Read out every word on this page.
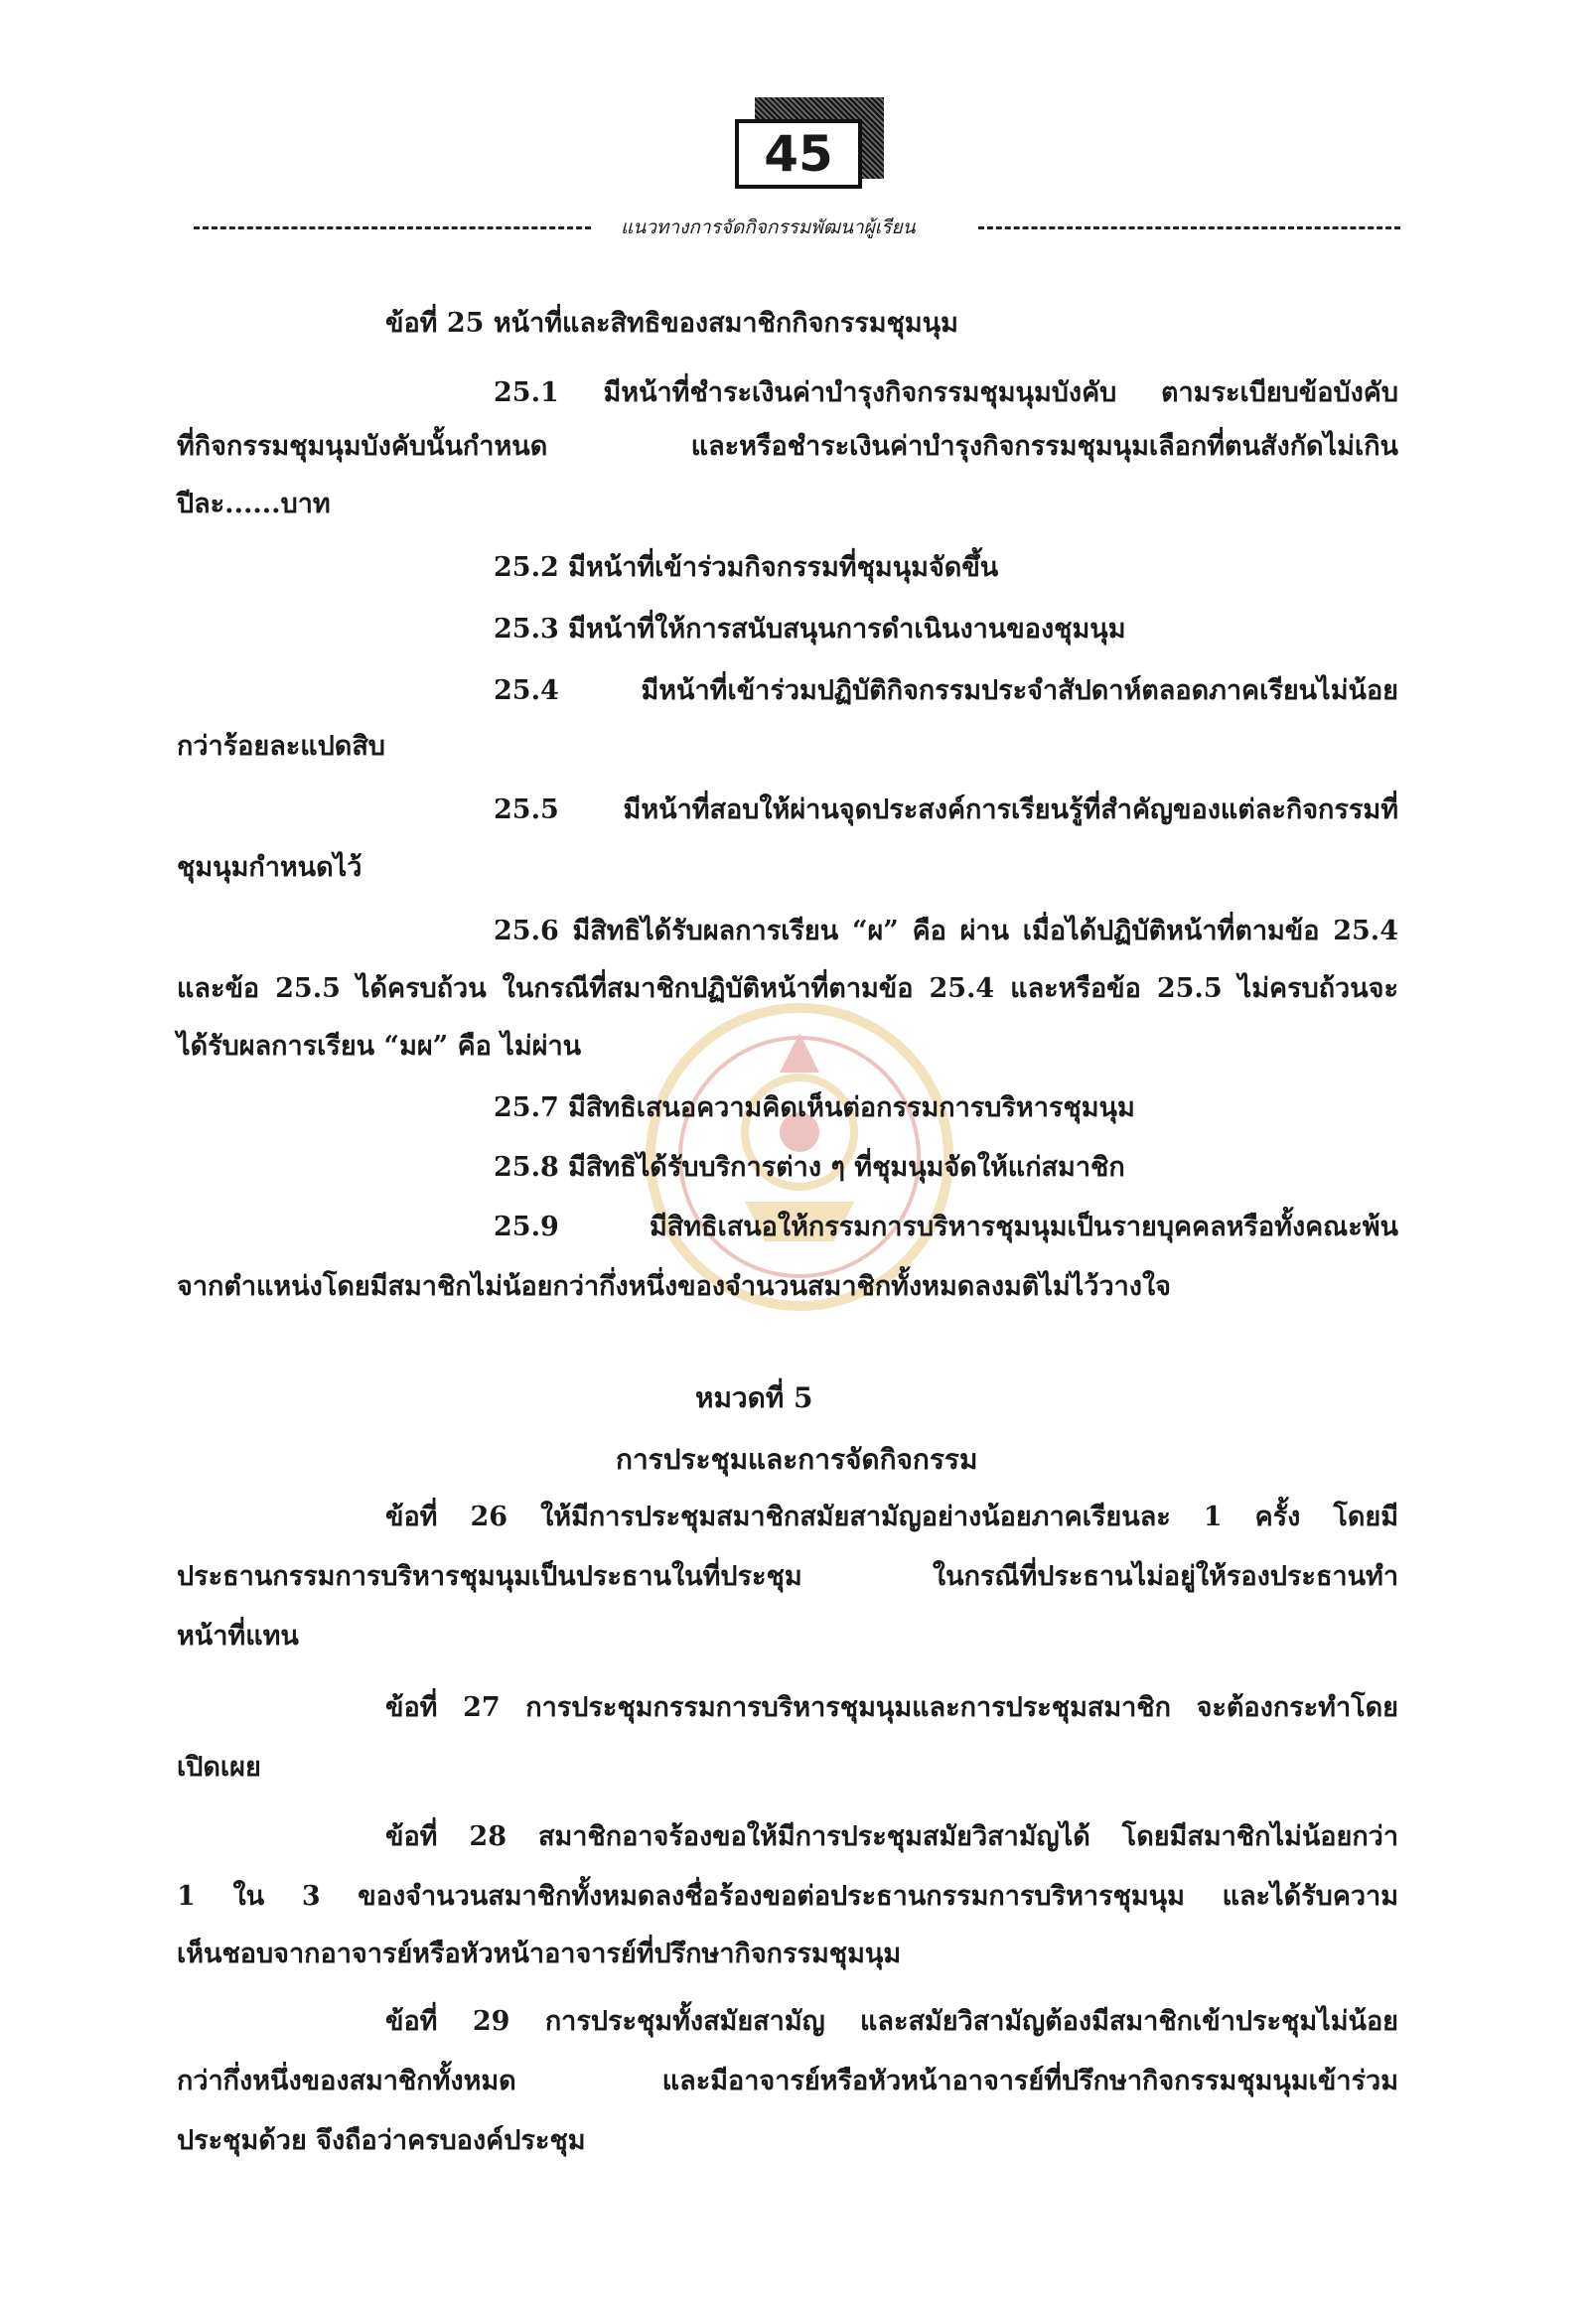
45
แนวทางการจัดกิจกรรมพัฒนาผู้เรียน
ข้อที่ 25 หน้าที่และสิทธิของสมาชิกกิจกรรมชุมนุม
25.1 มีหน้าที่ชำระเงินค่าบำรุงกิจกรรมชุมนุมบังคับ ตามระเบียบข้อบังคับ
ที่กิจกรรมชุมนุมบังคับนั้นกำหนด และหรือชำระเงินค่าบำรุงกิจกรรมชุมนุมเลือกที่ตนสังกัดไม่เกิน
ปีละ......บาท
25.2 มีหน้าที่เข้าร่วมกิจกรรมที่ชุมนุมจัดขึ้น
25.3 มีหน้าที่ให้การสนับสนุนการดำเนินงานของชุมนุม
25.4 มีหน้าที่เข้าร่วมปฏิบัติกิจกรรมประจำสัปดาห์ตลอดภาคเรียนไม่น้อย
กว่าร้อยละแปดสิบ
25.5 มีหน้าที่สอบให้ผ่านจุดประสงค์การเรียนรู้ที่สำคัญของแต่ละกิจกรรมที่
ชุมนุมกำหนดไว้
25.6 มีสิทธิได้รับผลการเรียน “ผ” คือ ผ่าน เมื่อได้ปฏิบัติหน้าที่ตามข้อ 25.4
และข้อ 25.5 ได้ครบถ้วน ในกรณีที่สมาชิกปฏิบัติหน้าที่ตามข้อ 25.4 และหรือข้อ 25.5 ไม่ครบถ้วนจะ
ได้รับผลการเรียน “มผ” คือ ไม่ผ่าน
25.7 มีสิทธิเสนอความคิดเห็นต่อกรรมการบริหารชุมนุม
25.8 มีสิทธิได้รับบริการต่าง ๆ ที่ชุมนุมจัดให้แก่สมาชิก
25.9 มีสิทธิเสนอให้กรรมการบริหารชุมนุมเป็นรายบุคคลหรือทั้งคณะพ้น
จากตำแหน่งโดยมีสมาชิกไม่น้อยกว่ากึ่งหนึ่งของจำนวนสมาชิกทั้งหมดลงมติไม่ไว้วางใจ
หมวดที่ 5
การประชุมและการจัดกิจกรรม
ข้อที่ 26 ให้มีการประชุมสมาชิกสมัยสามัญอย่างน้อยภาคเรียนละ 1 ครั้ง โดยมี
ประธานกรรมการบริหารชุมนุมเป็นประธานในที่ประชุม ในกรณีที่ประธานไม่อยู่ให้รองประธานทำ
หน้าที่แทน
ข้อที่ 27 การประชุมกรรมการบริหารชุมนุมและการประชุมสมาชิก จะต้องกระทำโดย
เปิดเผย
ข้อที่ 28 สมาชิกอาจร้องขอให้มีการประชุมสมัยวิสามัญได้ โดยมีสมาชิกไม่น้อยกว่า
1 ใน 3 ของจำนวนสมาชิกทั้งหมดลงชื่อร้องขอต่อประธานกรรมการบริหารชุมนุม และได้รับความ
เห็นชอบจากอาจารย์หรือหัวหน้าอาจารย์ที่ปรึกษากิจกรรมชุมนุม
ข้อที่ 29 การประชุมทั้งสมัยสามัญ และสมัยวิสามัญต้องมีสมาชิกเข้าประชุมไม่น้อย
กว่ากึ่งหนึ่งของสมาชิกทั้งหมด และมีอาจารย์หรือหัวหน้าอาจารย์ที่ปรึกษากิจกรรมชุมนุมเข้าร่วม
ประชุมด้วย จึงถือว่าครบองค์ประชุม
